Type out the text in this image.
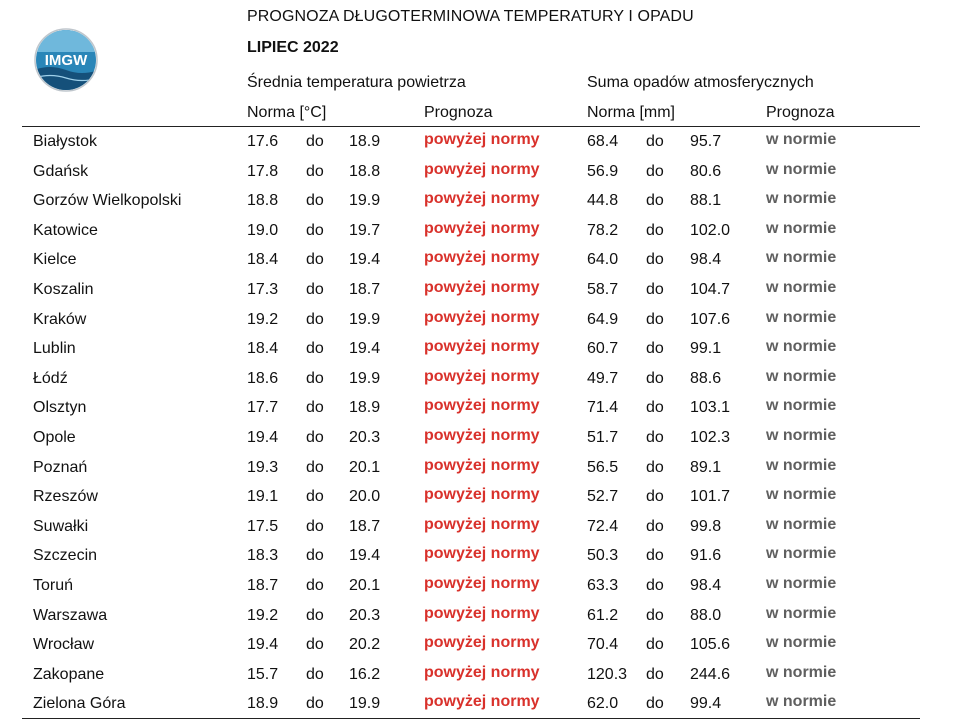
IMGW
PROGNOZA DŁUGOTERMINOWA TEMPERATURY I OPADU
LIPIEC 2022
Średnia temperatura powietrza	Suma opadów atmosferycznych
Norma [°C]	Prognoza	Norma [mm]	Prognoza
Białystok	17.6 do 18.9	powyżej normy	68.4 do 95.7	w normie
Gdańsk	17.8 do 18.8	powyżej normy	56.9 do 80.6	w normie
Gorzów Wielkopolski	18.8 do 19.9	powyżej normy	44.8 do 88.1	w normie
Katowice	19.0 do 19.7	powyżej normy	78.2 do 102.0 w normie
Kielce	18.4 do 19.4	powyżej normy	64.0 do 98.4	w normie
Koszalin	17.3 do 18.7	powyżej normy	58.7 do 104.7 w normie
Kraków	19.2 do 19.9	powyżej normy	64.9 do 107.6 w normie
Lublin	18.4 do 19.4	powyżej normy	60.7 do 99.1	w normie
Łódź	18.6 do 19.9	powyżej normy	49.7 do 88.6	w normie
Olsztyn	17.7 do 18.9	powyżej normy	71.4 do 103.1 w normie
Opole	19.4 do 20.3	powyżej normy	51.7 do 102.3 w normie
Poznań	19.3 do 20.1	powyżej normy	56.5 do 89.1	w normie
Rzeszów	19.1 do 20.0	powyżej normy	52.7 do 101.7 w normie
Suwałki	17.5 do 18.7	powyżej normy	72.4 do 99.8	w normie
Szczecin	18.3 do 19.4	powyżej normy	50.3 do 91.6	w normie
Toruń	18.7 do 20.1	powyżej normy	63.3 do 98.4	w normie
Warszawa	19.2 do 20.3	powyżej normy	61.2 do 88.0	w normie
Wrocław	19.4 do 20.2	powyżej normy	70.4 do 105.6 w normie
Zakopane	15.7 do 16.2	powyżej normy	120.3 do 244.6 w normie
Zielona Góra	18.9 do 19.9	powyżej normy	62.0 do 99.4	w normie
